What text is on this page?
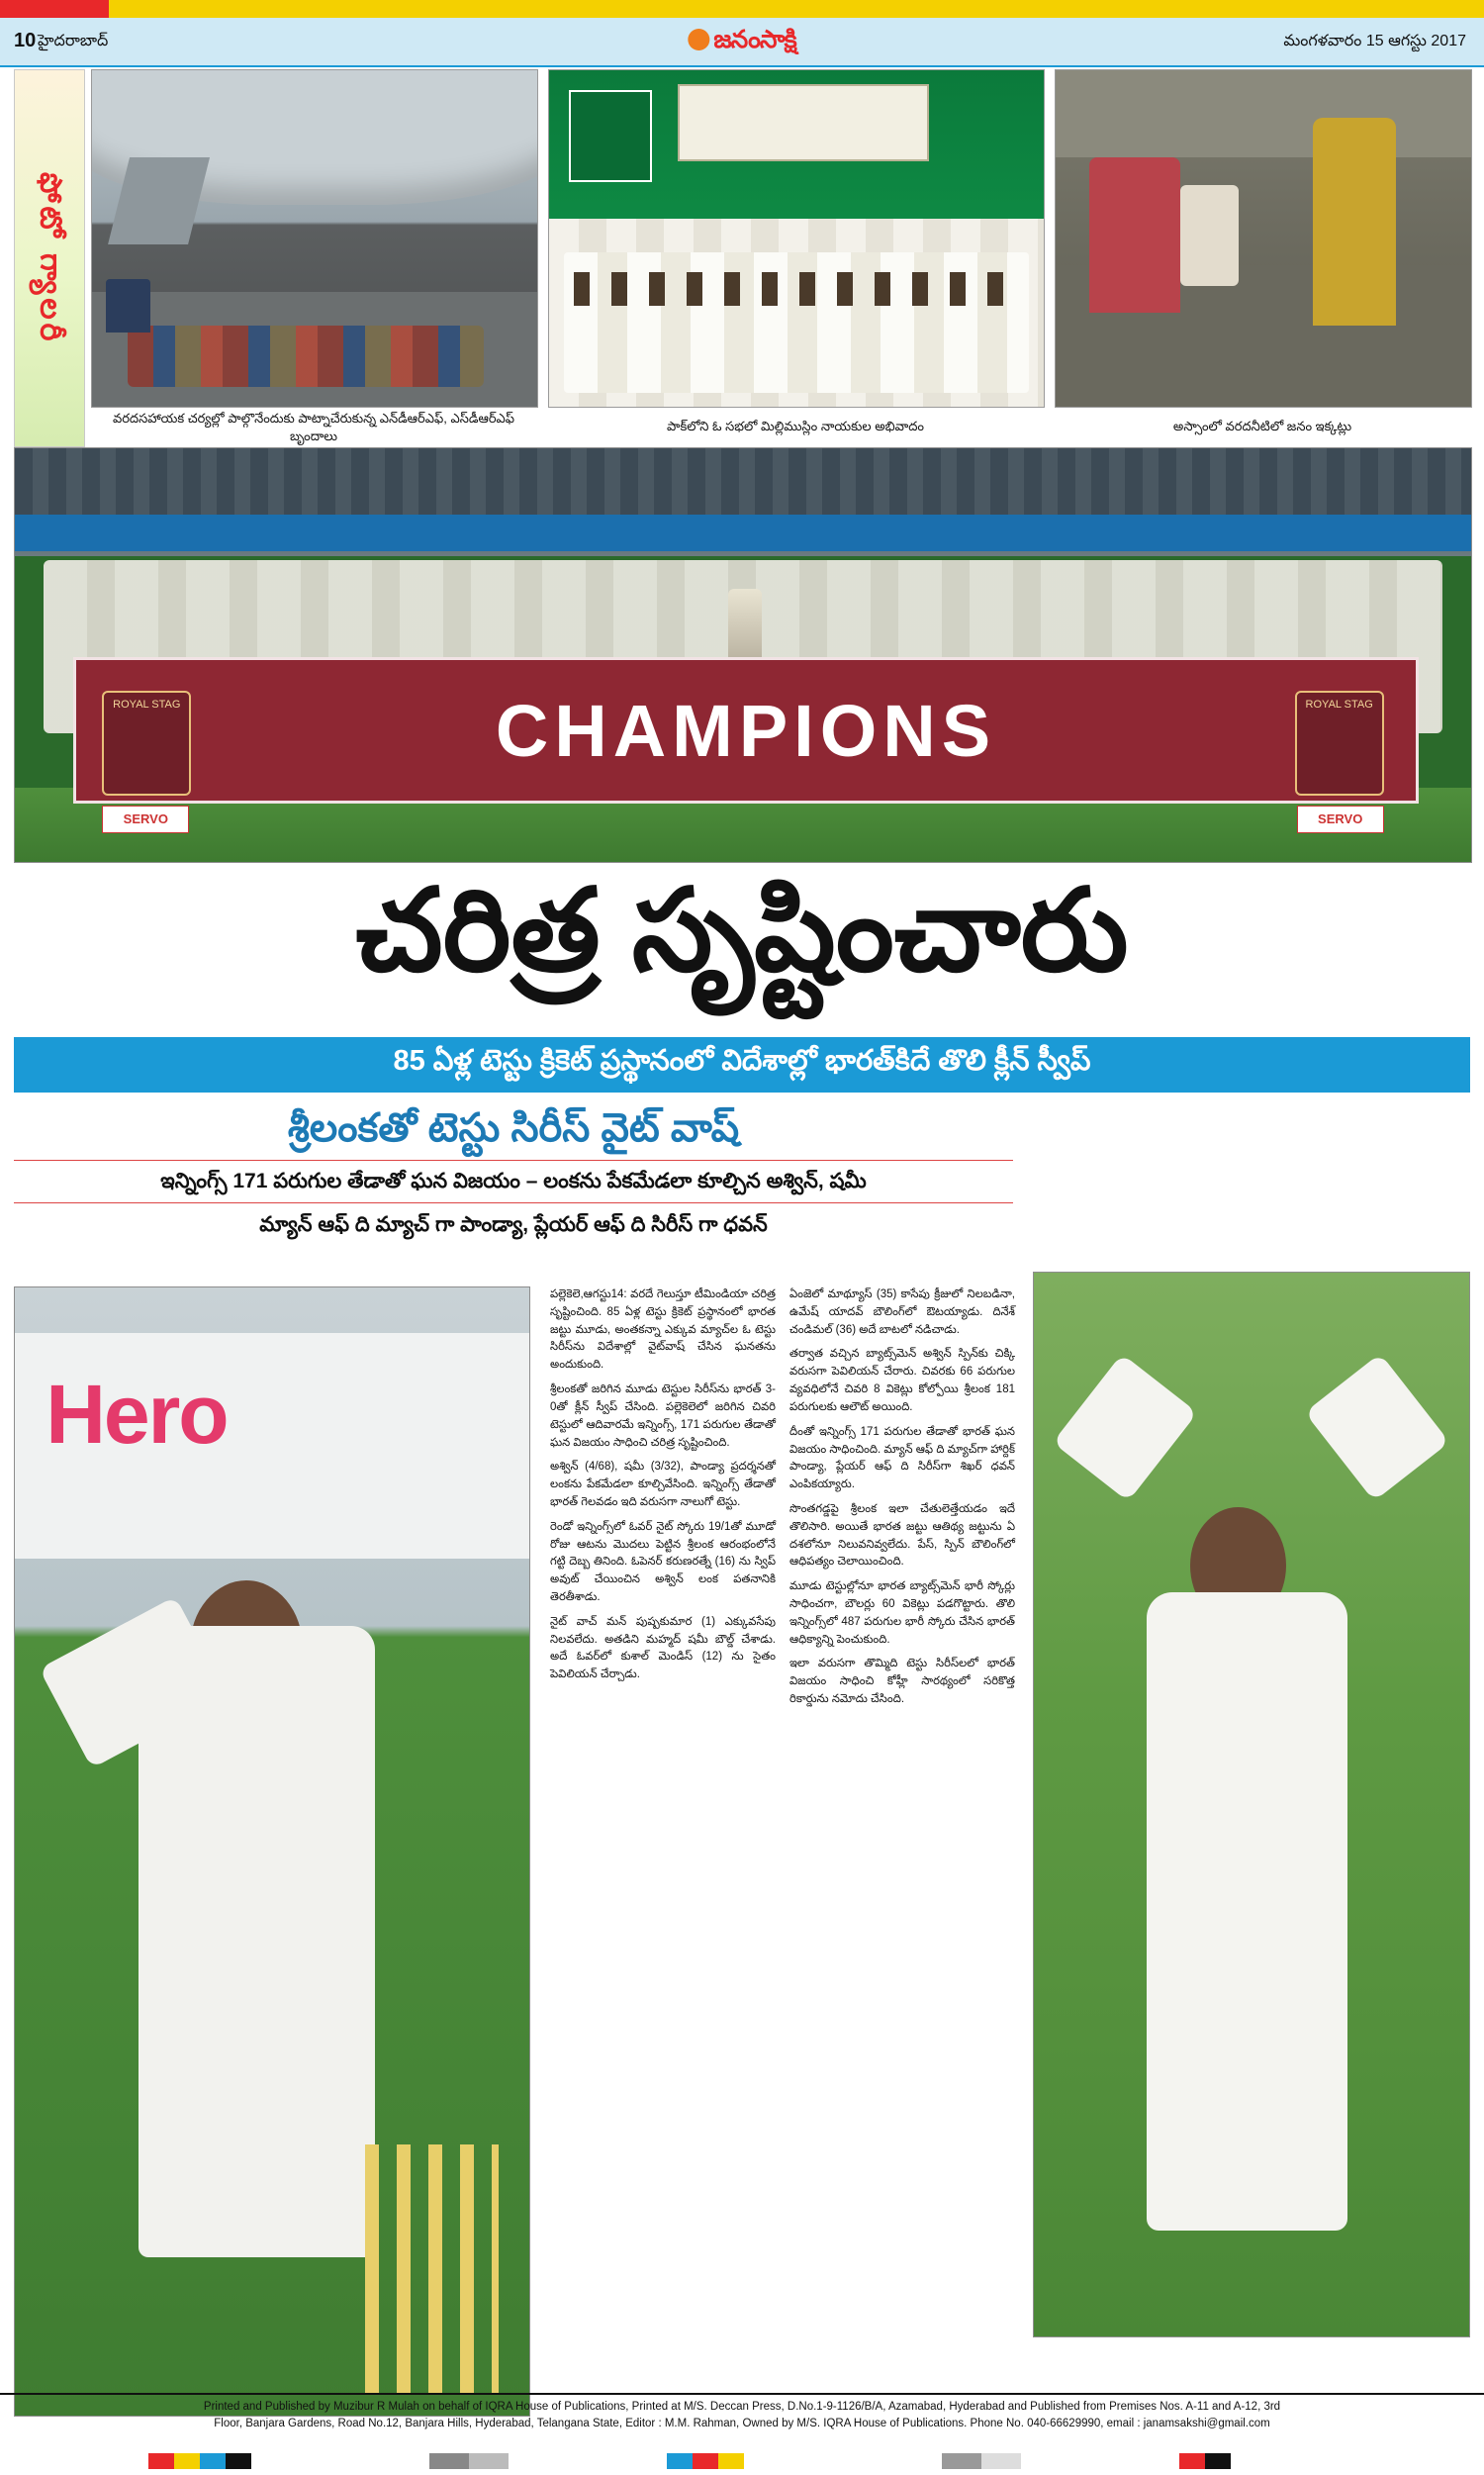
10 హైదరాబాద్	జనంసాక్షి	మంగళవారం 15 ఆగస్టు 2017
ఫోటో గ్యాలరీ
వరదసహాయక చర్యల్లో పాల్గొనేందుకు పాట్నాచేరుకున్న ఎన్‌డీఆర్‌ఎఫ్, ఎస్‌డీఆర్‌ఎఫ్ బృందాలు
పాక్‌లోని ఓ సభలో మిల్లిముస్లిం నాయకుల అభివాదం	అస్సాంలో వరదనీటిలో జనం ఇక్కట్లు
CHAMPIONS
ROYAL STAG	ROYAL STAG
SERVO	SERVO
చరిత్ర సృష్టించారు
85 ఏళ్ల టెస్టు క్రికెట్ ప్రస్థానంలో విదేశాల్లో భారత్‌కిదే తొలి క్లీన్ స్వీప్
శ్రీలంకతో టెస్టు సిరీస్ వైట్ వాష్
ఇన్నింగ్స్ 171 పరుగుల తేడాతో ఘన విజయం – లంకను పేకమేడలా కూల్చిన అశ్విన్, షమీ
మ్యాన్ ఆఫ్ ది మ్యాచ్ గా పాండ్యా, ప్లేయర్ ఆఫ్ ది సిరీస్ గా ధవన్
Hero

పల్లెకెలె,ఆగస్టు14: వరదే గెలుస్తూ టీమిండియా చరిత్ర సృష్టించింది. 85 ఏళ్ల టెస్టు క్రికెట్ ప్రస్థానంలో భారత జట్టు మూడు, అంతకన్నా ఎక్కువ మ్యాచ్‌ల ఓ టెస్టు సిరీస్‌ను విదేశాల్లో వైట్‌వాష్ చేసిన ఘనతను అందుకుంది.

శ్రీలంకతో జరిగిన మూడు టెస్టుల సిరీస్‌ను భారత్ 3-0తో క్లీన్ స్వీప్ చేసింది. పల్లెకెలెలో జరిగిన చివరి టెస్టులో ఆదివారమే ఇన్నింగ్స్, 171 పరుగుల తేడాతో ఘన విజయం సాధించి చరిత్ర సృష్టించింది.

అశ్విన్ (4/68), షమీ (3/32), పాండ్యా ప్రదర్శనతో లంకను పేకమేడలా కూల్చివేసింది. ఇన్నింగ్స్ తేడాతో భారత్ గెలవడం ఇది వరుసగా నాలుగో టెస్టు.

రెండో ఇన్నింగ్స్‌లో ఓవర్ నైట్ స్కోరు 19/1తో మూడో రోజు ఆటను మొదలు పెట్టిన శ్రీలంక ఆరంభంలోనే గట్టి దెబ్బ తినింది. ఓపెనర్ కరుణరత్నే (16) ను స్విప్ అవుట్ చేయించిన అశ్విన్ లంక పతనానికి తెరతీశాడు.

నైట్ వాచ్ మన్ పుష్పకుమార (1) ఎక్కువసేపు నిలవలేదు. అతడిని మహ్మద్ షమీ బౌల్డ్ చేశాడు. అదే ఓవర్‌లో కుశాల్ మెండిస్ (12) ను సైతం పెవిలియన్ చేర్చాడు.

ఏంజెలో మాథ్యూస్ (35) కాసేపు క్రీజులో నిలబడినా, ఉమేష్ యాదవ్ బౌలింగ్‌లో ఔటయ్యాడు. దినేశ్ చండిమల్ (36) అదే బాటలో నడిచాడు.

తర్వాత వచ్చిన బ్యాట్స్‌మెన్ అశ్విన్ స్పిన్‌కు చిక్కి వరుసగా పెవిలియన్ చేరారు. చివరకు 66 పరుగుల వ్యవధిలోనే చివరి 8 వికెట్లు కోల్పోయి శ్రీలంక 181 పరుగులకు ఆలౌట్ అయింది.

దీంతో ఇన్నింగ్స్ 171 పరుగుల తేడాతో భారత్ ఘన విజయం సాధించింది. మ్యాన్ ఆఫ్ ది మ్యాచ్‌గా హార్దిక్ పాండ్యా, ప్లేయర్ ఆఫ్ ది సిరీస్‌గా శిఖర్ ధవన్ ఎంపికయ్యారు.

సొంతగడ్డపై శ్రీలంక ఇలా చేతులెత్తేయడం ఇదే తొలిసారి. అయితే భారత జట్టు ఆతిథ్య జట్టును ఏ దశలోనూ నిలువనివ్వలేదు. పేస్, స్పిన్ బౌలింగ్‌లో ఆధిపత్యం చెలాయించింది.

మూడు టెస్టుల్లోనూ భారత బ్యాట్స్‌మెన్ భారీ స్కోర్లు సాధించగా, బౌలర్లు 60 వికెట్లు పడగొట్టారు. తొలి ఇన్నింగ్స్‌లో 487 పరుగుల భారీ స్కోరు చేసిన భారత్ ఆధిక్యాన్ని పెంచుకుంది.

ఇలా వరుసగా తొమ్మిది టెస్టు సిరీస్‌లలో భారత్ విజయం సాధించి కోహ్లీ సారథ్యంలో సరికొత్త రికార్డును నమోదు చేసింది.

Printed and Published by Muzibur R Mulah on behalf of IQRA House of Publications, Printed at M/S. Deccan Press, D.No.1-9-1126/B/A, Azamabad, Hyderabad and Published from Premises Nos. A-11 and A-12, 3rd
Floor, Banjara Gardens, Road No.12, Banjara Hills, Hyderabad, Telangana State, Editor : M.M. Rahman, Owned by M/S. IQRA House of Publications. Phone No. 040-66629990, email : janamsakshi@gmail.com
